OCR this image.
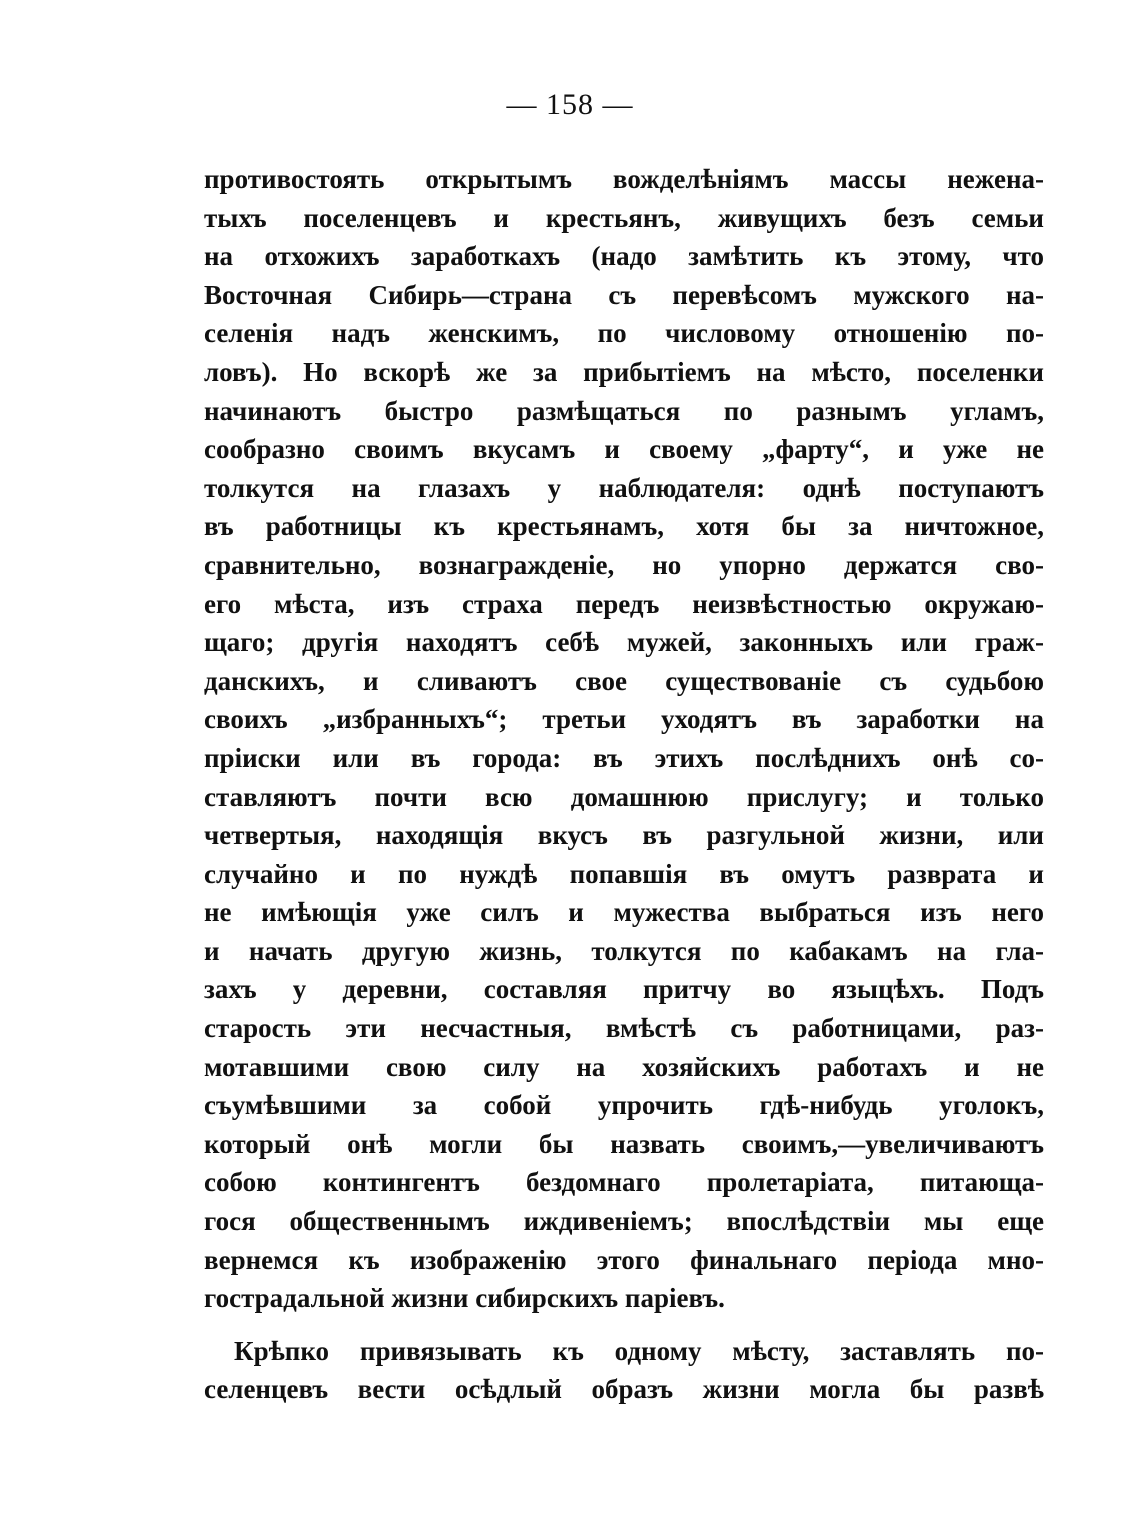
— 158 —
противостоять открытымъ вожделѣніямъ массы нежена-
тыхъ поселенцевъ и крестьянъ, живущихъ безъ семьи
на отхожихъ заработкахъ (надо замѣтить къ этому, что
Восточная Сибирь—страна съ перевѣсомъ мужского на-
селенія надъ женскимъ, по числовому отношенію по-
ловъ). Но вскорѣ же за прибытіемъ на мѣсто, поселенки
начинаютъ быстро размѣщаться по разнымъ угламъ,
сообразно своимъ вкусамъ и своему „фарту“, и уже не
толкутся на глазахъ у наблюдателя: однѣ поступаютъ
въ работницы къ крестьянамъ, хотя бы за ничтожное,
сравнительно, вознагражденіе, но упорно держатся сво-
его мѣста, изъ страха передъ неизвѣстностью окружаю-
щаго; другія находятъ себѣ мужей, законныхъ или граж-
данскихъ, и сливаютъ свое существованіе съ судьбою
своихъ „избранныхъ“; третьи уходятъ въ заработки на
пріиски или въ города: въ этихъ послѣднихъ онѣ со-
ставляютъ почти всю домашнюю прислугу; и только
четвертыя, находящія вкусъ въ разгульной жизни, или
случайно и по нуждѣ попавшія въ омутъ разврата и
не имѣющія уже силъ и мужества выбраться изъ него
и начать другую жизнь, толкутся по кабакамъ на гла-
захъ у деревни, составляя притчу во языцѣхъ. Подъ
старость эти несчастныя, вмѣстѣ съ работницами, раз-
мотавшими свою силу на хозяйскихъ работахъ и не
съумѣвшими за собой упрочить гдѣ-нибудь уголокъ,
который онѣ могли бы назвать своимъ,—увеличиваютъ
собою контингентъ бездомнаго пролетаріата, питающа-
гося общественнымъ иждивеніемъ; впослѣдствіи мы еще
вернемся къ изображенію этого финальнаго періода мно-
гострадальной жизни сибирскихъ паріевъ.
Крѣпко привязывать къ одному мѣсту, заставлять по-
селенцевъ вести осѣдлый образъ жизни могла бы развѣ
